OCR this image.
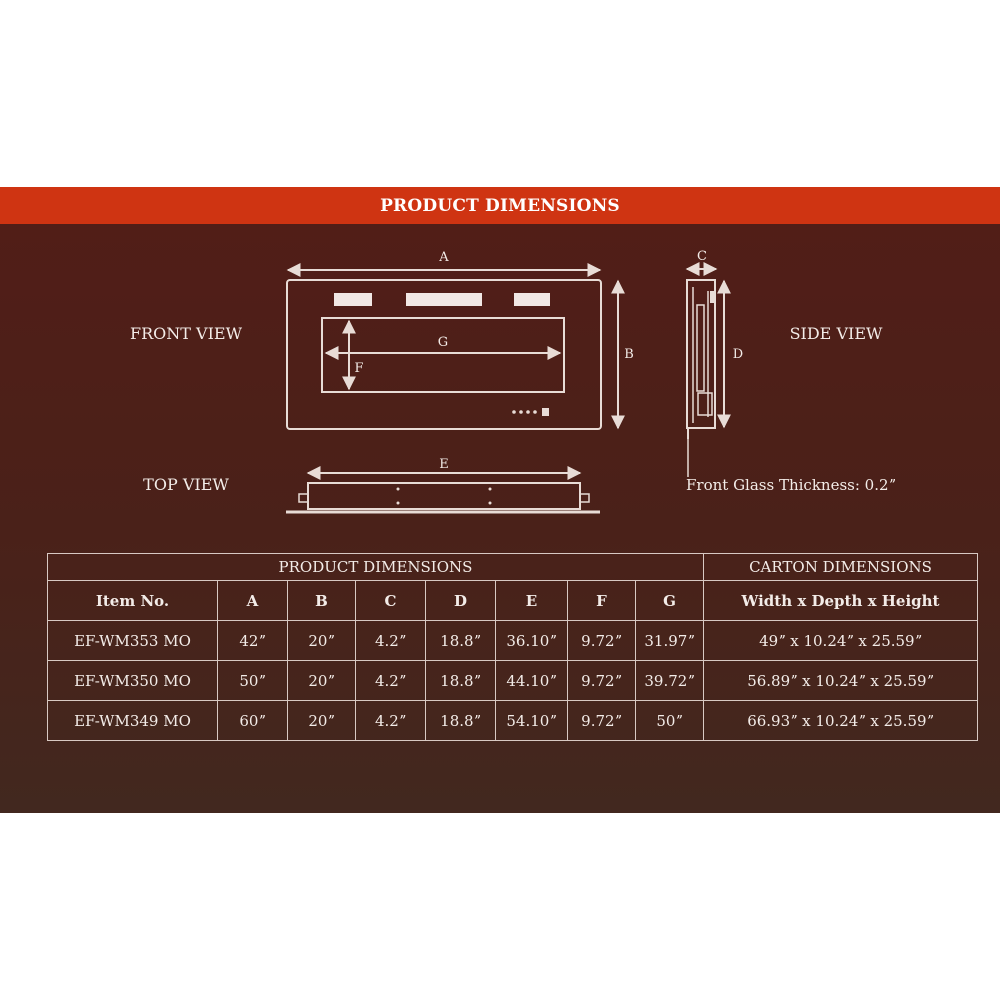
PRODUCT DIMENSIONS
FRONT VIEW	SIDE VIEW
TOP VIEW
A
G
F
B
C
D
Front Glass Thickness: 0.2ˮ
E
PRODUCT DIMENSIONS								CARTON DIMENSIONS
Item No.	A	B	C	D	E	F	G	Width x Depth x Height
EF-WM353 MO	42ˮ	20ˮ	4.2ˮ	18.8ˮ	36.10ˮ	9.72ˮ	31.97ˮ	49ˮ x 10.24ˮ x 25.59ˮ
EF-WM350 MO	50ˮ	20ˮ	4.2ˮ	18.8ˮ	44.10ˮ	9.72ˮ	39.72ˮ	56.89ˮ x 10.24ˮ x 25.59ˮ
EF-WM349 MO	60ˮ	20ˮ	4.2ˮ	18.8ˮ	54.10ˮ	9.72ˮ	50ˮ	66.93ˮ x 10.24ˮ x 25.59ˮ
